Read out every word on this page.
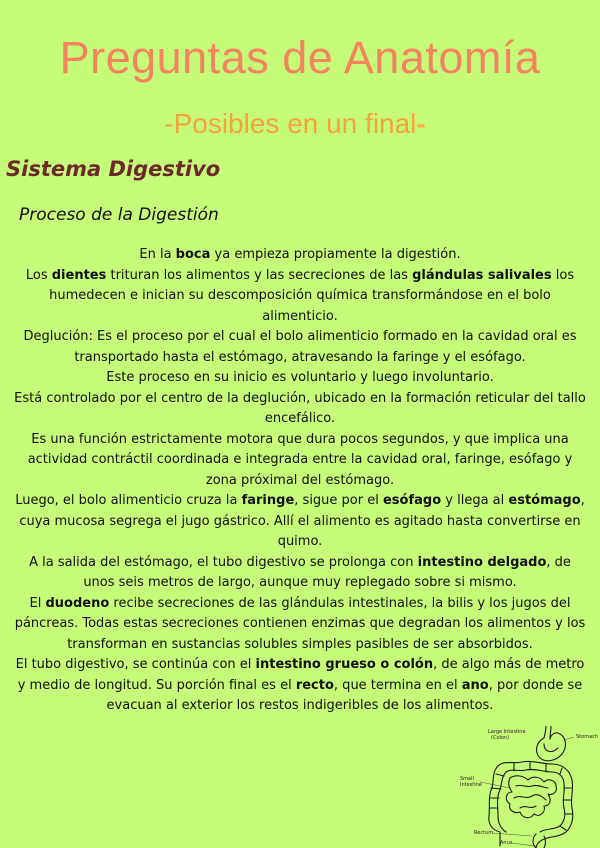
Preguntas de Anatomía
-Posibles en un final-
Sistema Digestivo
Proceso de la Digestión

En la boca ya empieza propiamente la digestión.

Los dientes trituran los alimentos y las secreciones de las glándulas salivales los humedecen e inician su descomposición química transformándose en el bolo alimenticio.

Deglución: Es el proceso por el cual el bolo alimenticio formado en la cavidad oral es transportado hasta el estómago, atravesando la faringe y el esófago.

Este proceso en su inicio es voluntario y luego involuntario.

Está controlado por el centro de la deglución, ubicado en la formación reticular del tallo encefálico.

Es una función estrictamente motora que dura pocos segundos, y que implica una actividad contráctil coordinada e integrada entre la cavidad oral, faringe, esófago y zona próximal del estómago.

Luego, el bolo alimenticio cruza la faringe, sigue por el esófago y llega al estómago, cuya mucosa segrega el jugo gástrico. Allí el alimento es agitado hasta convertirse en quimo.

A la salida del estómago, el tubo digestivo se prolonga con intestino delgado, de unos seis metros de largo, aunque muy replegado sobre si mismo.

El duodeno recibe secreciones de las glándulas intestinales, la bilis y los jugos del páncreas. Todas estas secreciones contienen enzimas que degradan los alimentos y los transforman en sustancias solubles simples pasibles de ser absorbidos.

El tubo digestivo, se continúa con el intestino grueso o colón, de algo más de metro y medio de longitud. Su porción final es el recto, que termina en el ano, por donde se evacuan al exterior los restos indigeribles de los alimentos.

Large Intestine
(Colon)	Stomach
Small
Intestine
Rectum
Anus
